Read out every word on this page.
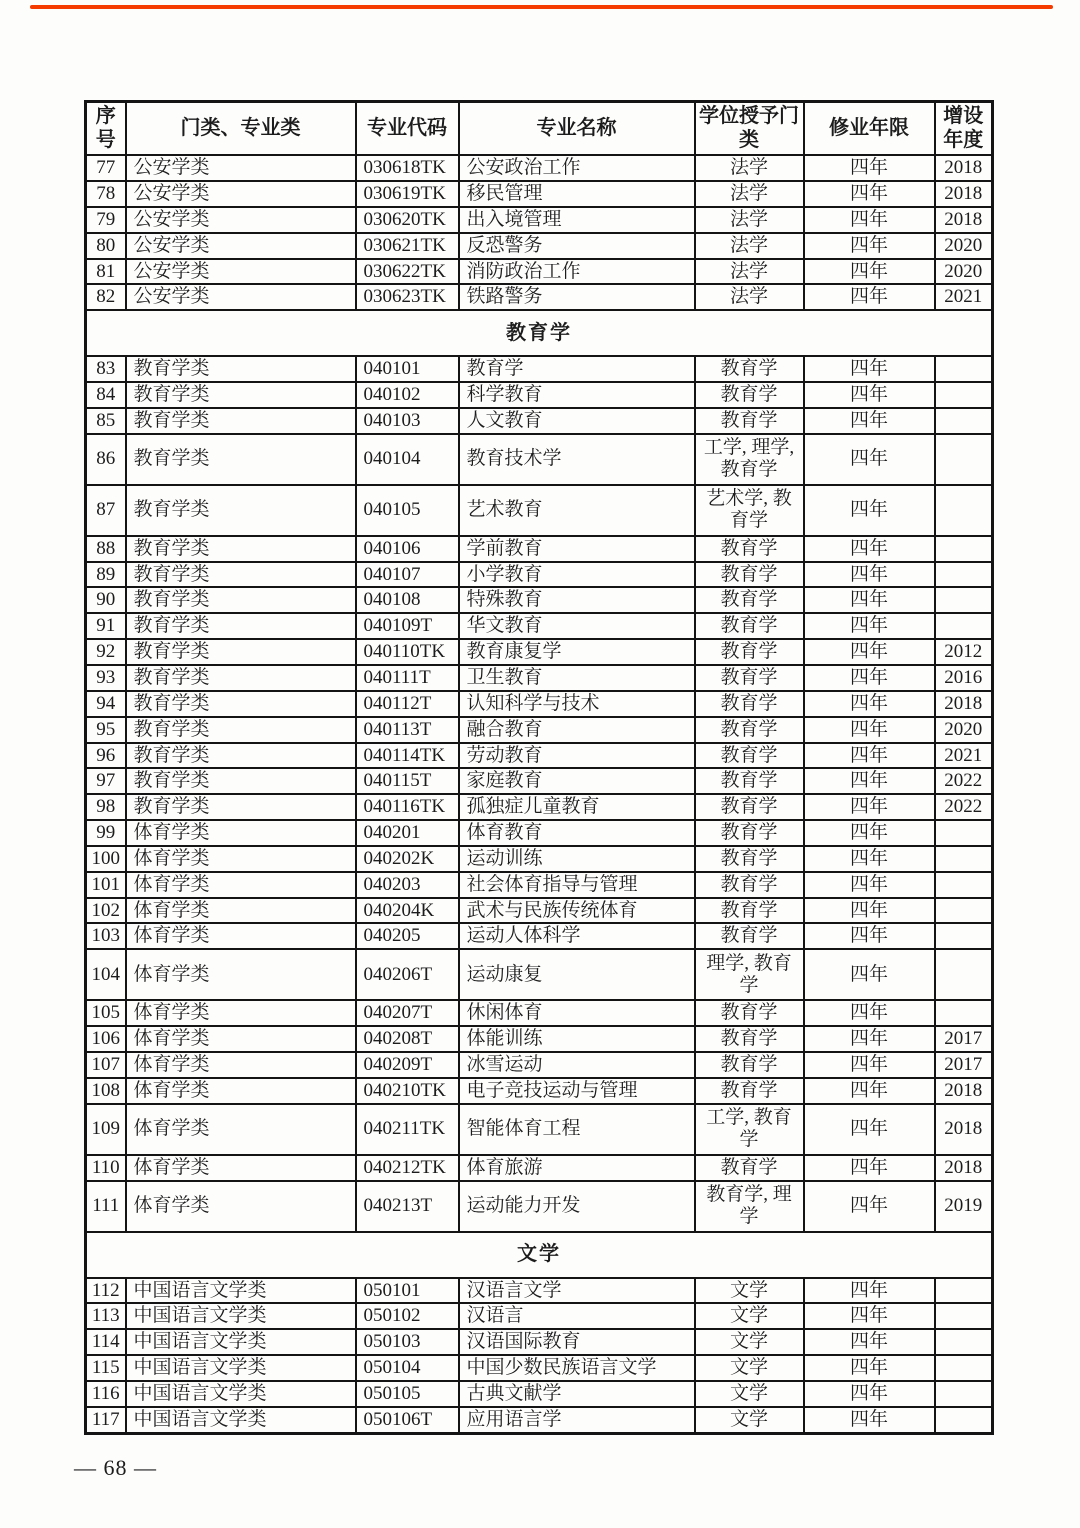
序号	门类、专业类	专业代码	专业名称	学位授予门类	修业年限	增设年度
77	公安学类	030618TK	公安政治工作	法学	四年	2018
78	公安学类	030619TK	移民管理	法学	四年	2018
79	公安学类	030620TK	出入境管理	法学	四年	2018
80	公安学类	030621TK	反恐警务	法学	四年	2020
81	公安学类	030622TK	消防政治工作	法学	四年	2020
82	公安学类	030623TK	铁路警务	法学	四年	2021
教育学						
83	教育学类	040101	教育学	教育学	四年	
84	教育学类	040102	科学教育	教育学	四年	
85	教育学类	040103	人文教育	教育学	四年	
86	教育学类	040104	教育技术学	工学, 理学, 教育学	四年	
87	教育学类	040105	艺术教育	艺术学, 教育学	四年	
88	教育学类	040106	学前教育	教育学	四年	
89	教育学类	040107	小学教育	教育学	四年	
90	教育学类	040108	特殊教育	教育学	四年	
91	教育学类	040109T	华文教育	教育学	四年	
92	教育学类	040110TK	教育康复学	教育学	四年	2012
93	教育学类	040111T	卫生教育	教育学	四年	2016
94	教育学类	040112T	认知科学与技术	教育学	四年	2018
95	教育学类	040113T	融合教育	教育学	四年	2020
96	教育学类	040114TK	劳动教育	教育学	四年	2021
97	教育学类	040115T	家庭教育	教育学	四年	2022
98	教育学类	040116TK	孤独症儿童教育	教育学	四年	2022
99	体育学类	040201	体育教育	教育学	四年	
100	体育学类	040202K	运动训练	教育学	四年	
101	体育学类	040203	社会体育指导与管理	教育学	四年	
102	体育学类	040204K	武术与民族传统体育	教育学	四年	
103	体育学类	040205	运动人体科学	教育学	四年	
104	体育学类	040206T	运动康复	理学, 教育学	四年	
105	体育学类	040207T	休闲体育	教育学	四年	
106	体育学类	040208T	体能训练	教育学	四年	2017
107	体育学类	040209T	冰雪运动	教育学	四年	2017
108	体育学类	040210TK	电子竞技运动与管理	教育学	四年	2018
109	体育学类	040211TK	智能体育工程	工学, 教育学	四年	2018
110	体育学类	040212TK	体育旅游	教育学	四年	2018
111	体育学类	040213T	运动能力开发	教育学, 理学	四年	2019
文学						
112	中国语言文学类	050101	汉语言文学	文学	四年	
113	中国语言文学类	050102	汉语言	文学	四年	
114	中国语言文学类	050103	汉语国际教育	文学	四年	
115	中国语言文学类	050104	中国少数民族语言文学	文学	四年	
116	中国语言文学类	050105	古典文献学	文学	四年	
117	中国语言文学类	050106T	应用语言学	文学	四年	
— 68 —
